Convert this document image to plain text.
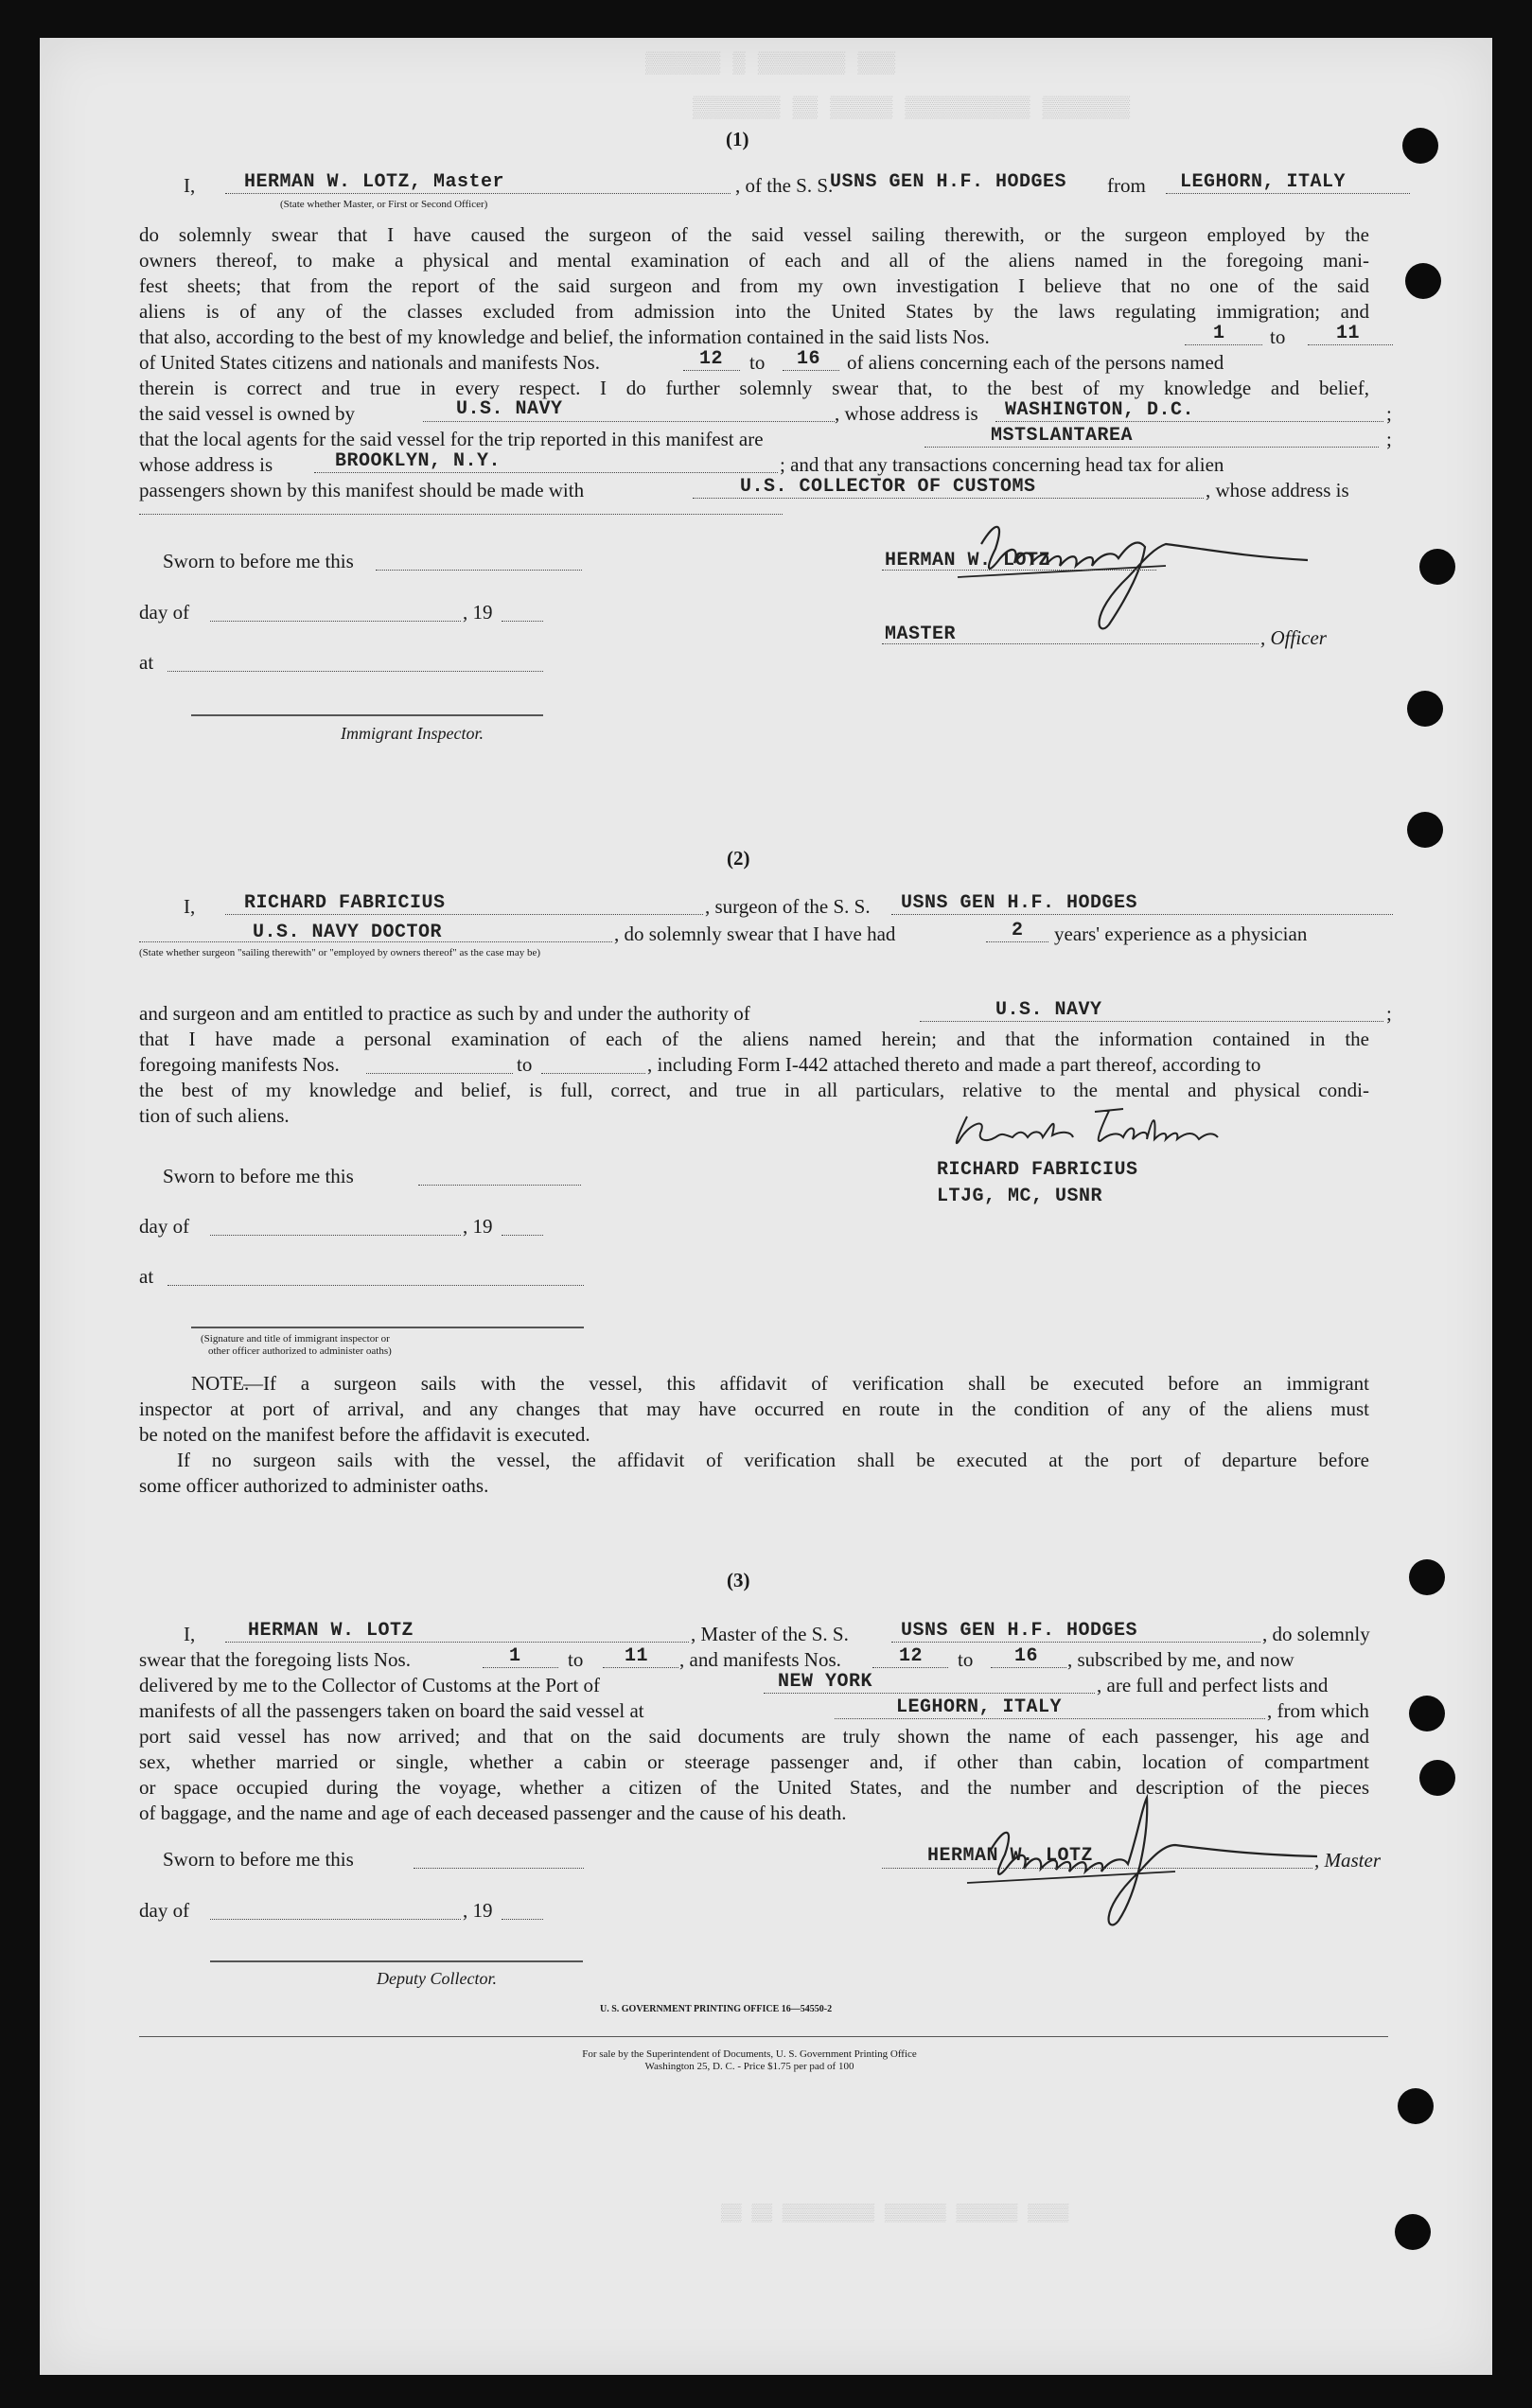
▒▒▒▒▒▒ ▒ ▒▒▒▒▒▒▒ ▒▒▒
▒▒▒▒▒▒▒ ▒▒ ▒▒▒▒▒ ▒▒▒▒▒▒▒▒▒▒ ▒▒▒▒▒▒▒
(1)
I,	HERMAN W. LOTZ, Master
(State whether Master, or First or Second Officer)
, of the S. S.
USNS GEN H.F. HODGES from LEGHORN, ITALY
do solemnly swear that I have caused the surgeon of the said vessel sailing therewith, or the surgeon employed by the
owners thereof, to make a physical and mental examination of each and all of the aliens named in the foregoing mani-
fest sheets; that from the report of the said surgeon and from my own investigation I believe that no one of the said
aliens is of any of the classes excluded from admission into the United States by the laws regulating immigration; and
that also, according to the best of my knowledge and belief, the information contained in the said lists Nos.	1 to	11
of United States citizens and nationals and manifests Nos.	12 to 16 of aliens concerning each of the persons named
therein is correct and true in every respect. I do further solemnly swear that, to the best of my knowledge and belief,
the said vessel is owned by	U.S. NAVY	, whose address is WASHINGTON, D.C.	;
that the local agents for the said vessel for the trip reported in this manifest are	MSTSLANTAREA	;
whose address is	BROOKLYN, N.Y.	; and that any transactions concerning head tax for alien
passengers shown by this manifest should be made with	U.S. COLLECTOR OF CUSTOMS	, whose address is
Sworn to before me this	HERMAN W. LOTZ
day of	, 19
MASTER	, Officer
at
Immigrant Inspector.
(2)
I,	RICHARD FABRICIUS	, surgeon of the S. S. USNS GEN H.F. HODGES
U.S. NAVY DOCTOR
(State whether surgeon "sailing therewith" or "employed by owners thereof" as the case may be)
, do solemnly swear that I have had	2 years' experience as a physician
and surgeon and am entitled to practice as such by and under the authority of	U.S. NAVY	;
that I have made a personal examination of each of the aliens named herein; and that the information contained in the
foregoing manifests Nos.	to	, including Form I-442 attached thereto and made a part thereof, according to
the best of my knowledge and belief, is full, correct, and true in all particulars, relative to the mental and physical condi-
tion of such aliens.
Sworn to before me this	RICHARD FABRICIUS
LTJG, MC, USNR
day of	, 19
at
(Signature and title of immigrant inspector or
other officer authorized to administer oaths)
NOTE.
—If a surgeon sails with the vessel, this affidavit of verification shall be executed before an immigrant
inspector at port of arrival, and any changes that may have occurred en route in the condition of any of the aliens must
be noted on the manifest before the affidavit is executed.
If no surgeon sails with the vessel, the affidavit of verification shall be executed at the port of departure before
some officer authorized to administer oaths.
(3)
I,	HERMAN W. LOTZ	, Master of the S. S.	USNS GEN H.F. HODGES	, do solemnly
swear that the foregoing lists Nos.	1 to 11 , and manifests Nos.	12 to 16 , subscribed by me, and now
delivered by me to the Collector of Customs at the Port of	NEW YORK	, are full and perfect lists and
manifests of all the passengers taken on board the said vessel at	LEGHORN, ITALY	, from which
port said vessel has now arrived; and that on the said documents are truly shown the name of each passenger, his age and
sex, whether married or single, whether a cabin or steerage passenger and, if other than cabin, location of compartment
or space occupied during the voyage, whether a citizen of the United States, and the number and description of the pieces
of baggage, and the name and age of each deceased passenger and the cause of his death.
Sworn to before me this	HERMAN W. LOTZ	, Master
day of	, 19
Deputy Collector.
U. S. GOVERNMENT PRINTING OFFICE 16—54550-2
For sale by the Superintendent of Documents, U. S. Government Printing Office
Washington 25, D. C. - Price $1.75 per pad of 100
▒▒ ▒▒ ▒▒▒▒▒▒▒▒▒ ▒▒▒▒▒▒ ▒▒▒▒▒▒ ▒▒▒▒
